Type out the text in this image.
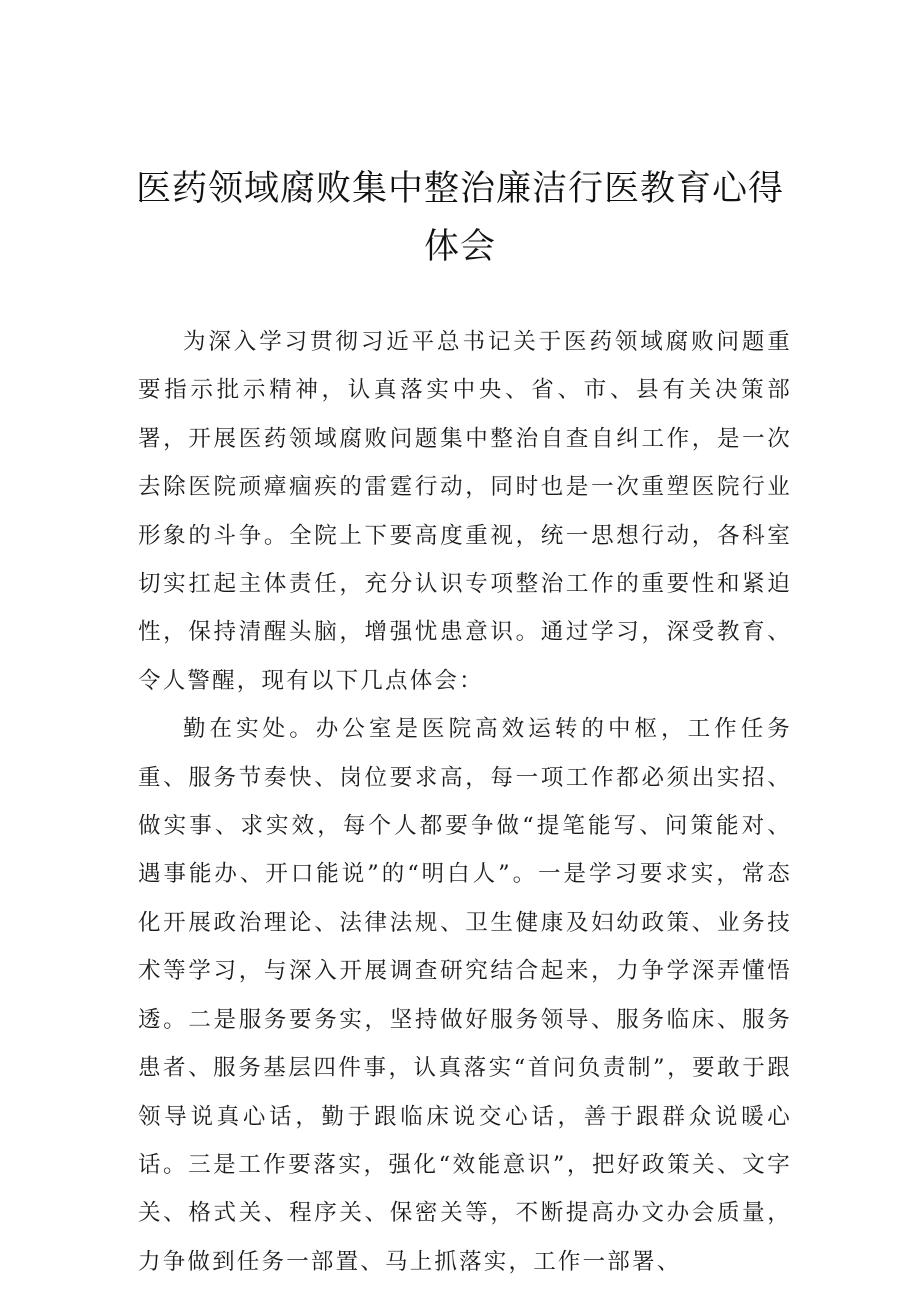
医药领域腐败集中整治廉洁行医教育心得
体会

为深入学习贯彻习近平总书记关于医药领域腐败问题重要指示批示精神，认真落实中央、省、市、县有关决策部署，开展医药领域腐败问题集中整治自查自纠工作，是一次去除医院顽瘴痼疾的雷霆行动，同时也是一次重塑医院行业形象的斗争。全院上下要高度重视，统一思想行动，各科室切实扛起主体责任，充分认识专项整治工作的重要性和紧迫性，保持清醒头脑，增强忧患意识。通过学习，深受教育、令人警醒，现有以下几点体会：

勤在实处。办公室是医院高效运转的中枢，工作任务重、服务节奏快、岗位要求高，每一项工作都必须出实招、做实事、求实效，每个人都要争做“提笔能写、问策能对、遇事能办、开口能说”的“明白人”。一是学习要求实，常态化开展政治理论、法律法规、卫生健康及妇幼政策、业务技术等学习，与深入开展调查研究结合起来，力争学深弄懂悟透。二是服务要务实，坚持做好服务领导、服务临床、服务患者、服务基层四件事，认真落实“首问负责制”，要敢于跟领导说真心话，勤于跟临床说交心话，善于跟群众说暖心话。三是工作要落实，强化“效能意识”，把好政策关、文字关、格式关、程序关、保密关等，不断提高办文办会质量，力争做到任务一部置、马上抓落实，工作一部署、
